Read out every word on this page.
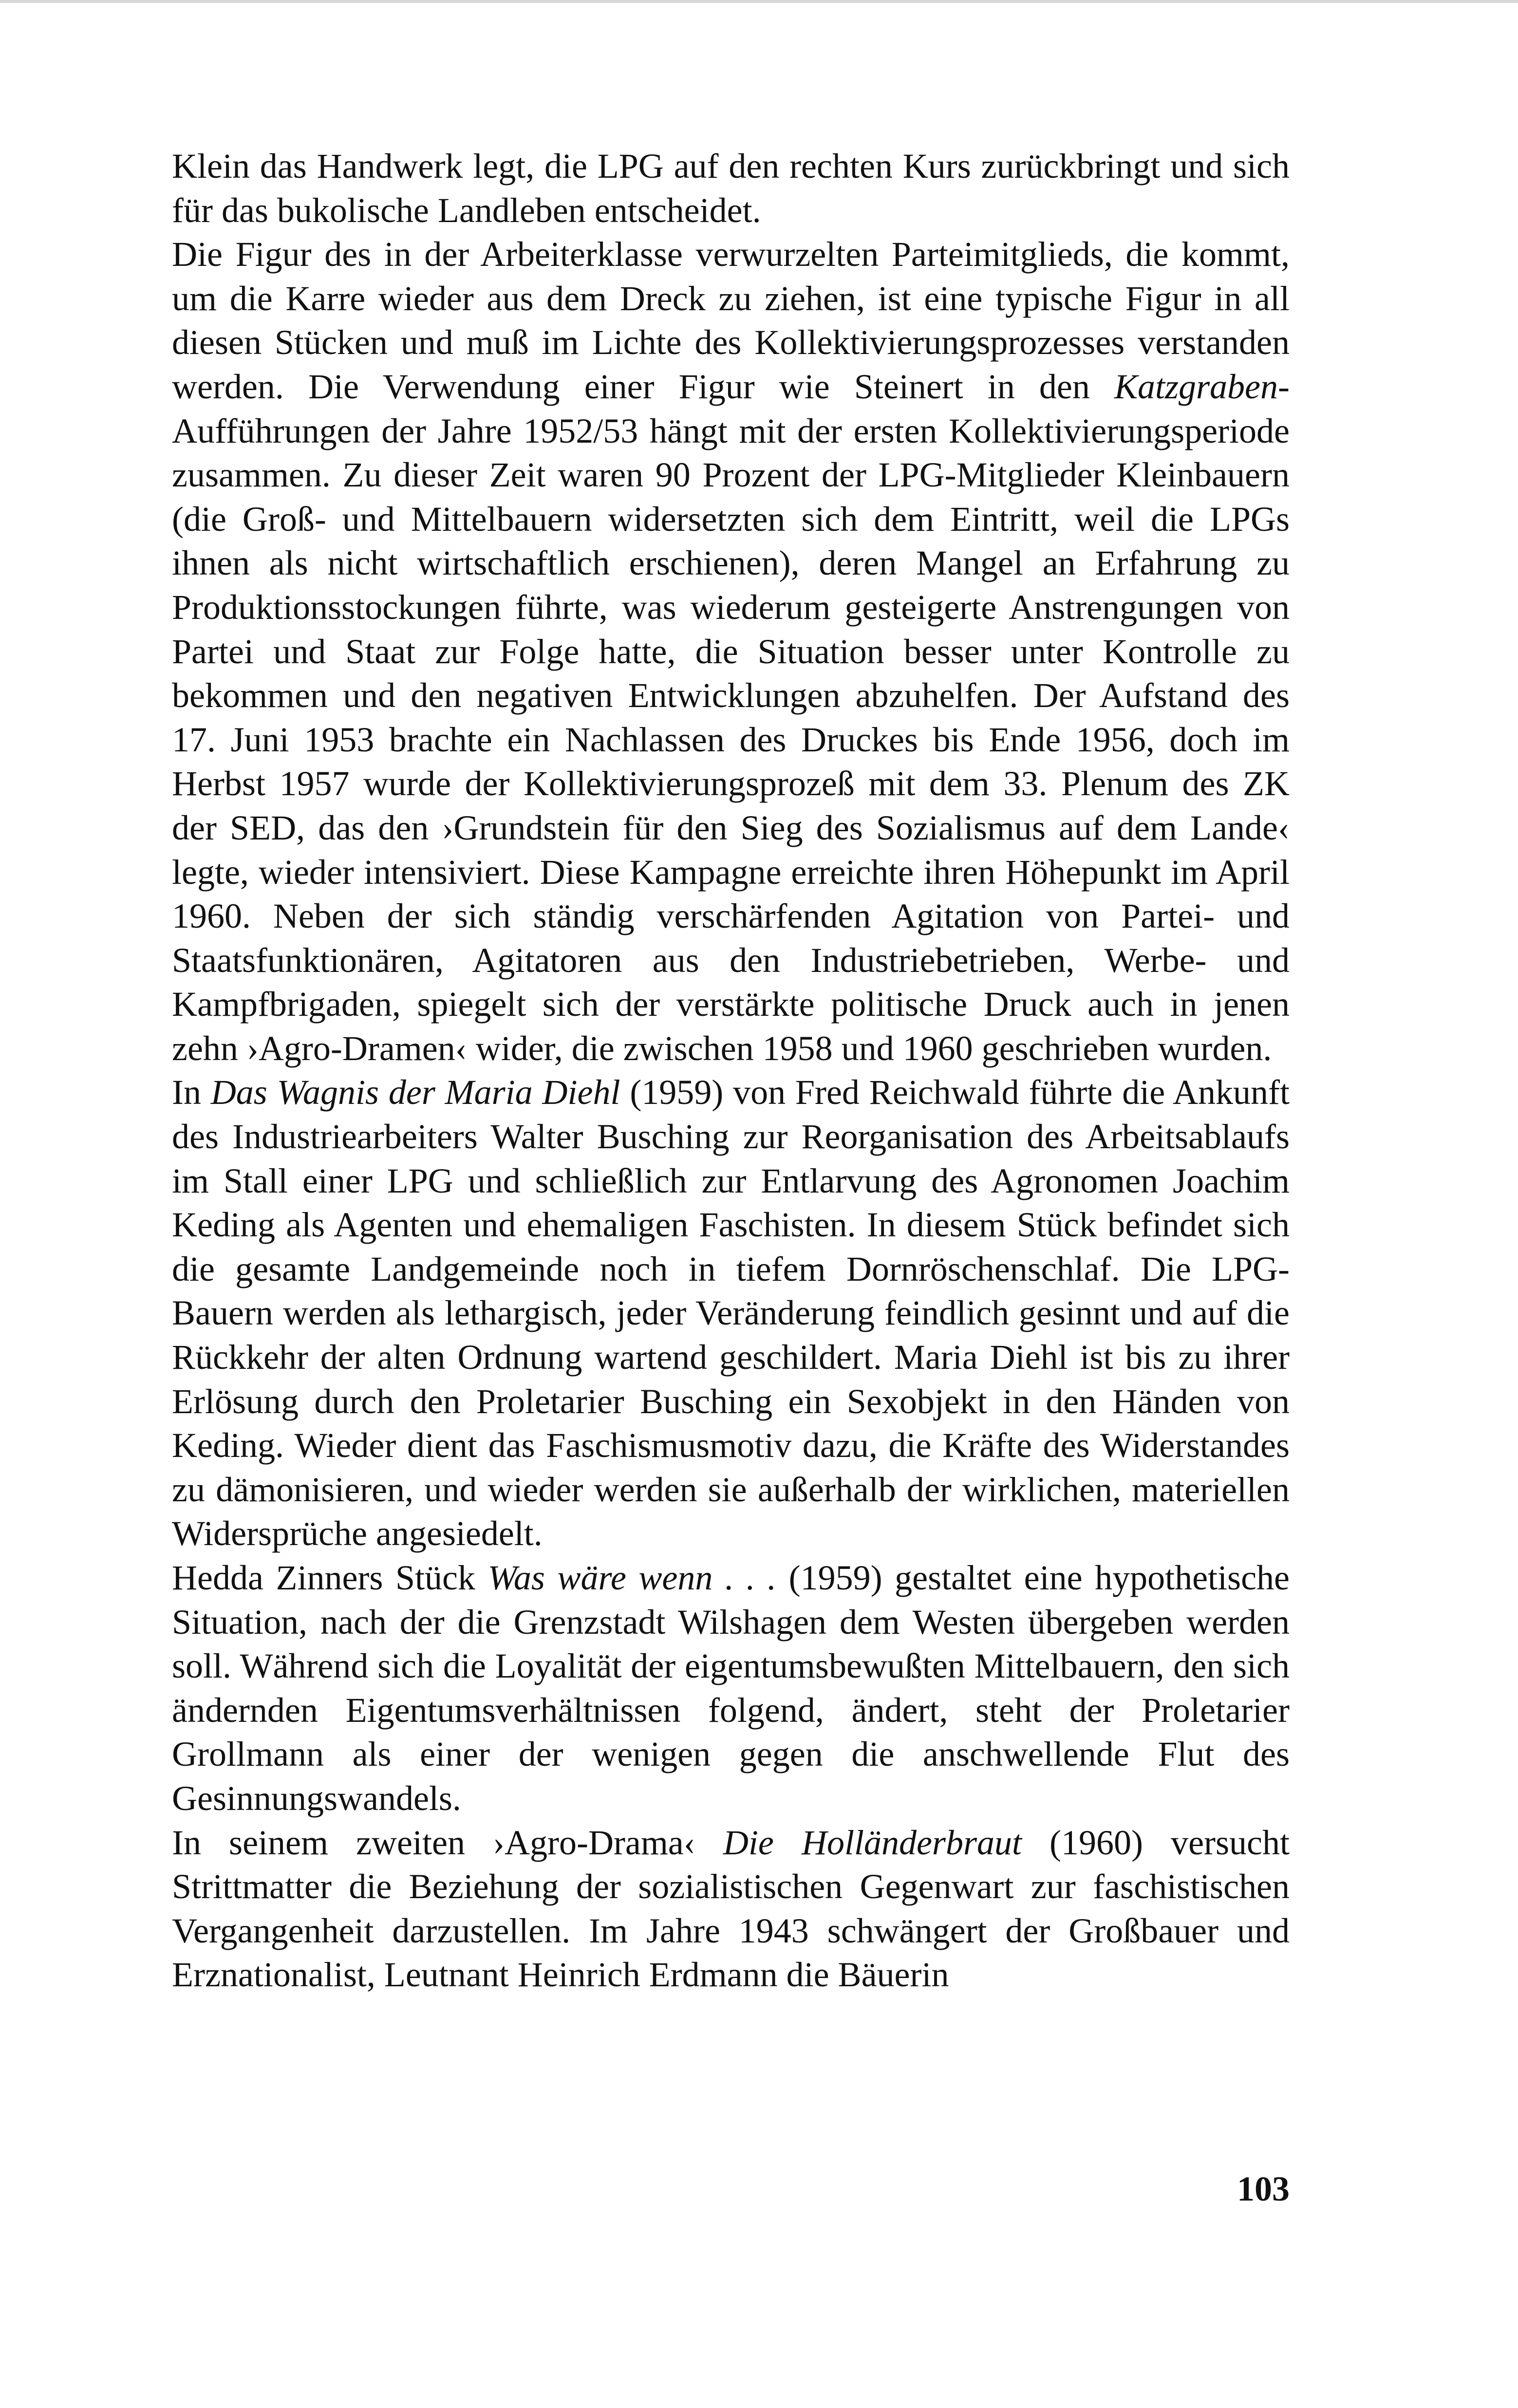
Klein das Handwerk legt, die LPG auf den rechten Kurs zurückbringt und sich für das bukolische Landleben entscheidet.

Die Figur des in der Arbeiterklasse verwurzelten Parteimitglieds, die kommt, um die Karre wieder aus dem Dreck zu ziehen, ist eine typische Figur in all diesen Stücken und muß im Lichte des Kollektivierungsprozesses verstanden werden. Die Verwendung einer Figur wie Steinert in den Katzgraben-Aufführungen der Jahre 1952/53 hängt mit der ersten Kollektivierungsperiode zusammen. Zu dieser Zeit waren 90 Prozent der LPG-Mitglieder Kleinbauern (die Groß- und Mittelbauern widersetzten sich dem Eintritt, weil die LPGs ihnen als nicht wirtschaftlich erschienen), deren Mangel an Erfahrung zu Produktionsstockungen führte, was wiederum gesteigerte Anstrengungen von Partei und Staat zur Folge hatte, die Situation besser unter Kontrolle zu bekommen und den negativen Entwicklungen abzuhelfen. Der Aufstand des 17. Juni 1953 brachte ein Nachlassen des Druckes bis Ende 1956, doch im Herbst 1957 wurde der Kollektivierungsprozeß mit dem 33. Plenum des ZK der SED, das den ›Grundstein für den Sieg des Sozialismus auf dem Lande‹ legte, wieder intensiviert. Diese Kampagne erreichte ihren Höhepunkt im April 1960. Neben der sich ständig verschärfenden Agitation von Partei- und Staatsfunktionären, Agitatoren aus den Industriebetrieben, Werbe- und Kampfbrigaden, spiegelt sich der verstärkte politische Druck auch in jenen zehn ›Agro-Dramen‹ wider, die zwischen 1958 und 1960 geschrieben wurden.

In Das Wagnis der Maria Diehl (1959) von Fred Reichwald führte die Ankunft des Industriearbeiters Walter Busching zur Reorganisation des Arbeitsablaufs im Stall einer LPG und schließlich zur Entlarvung des Agronomen Joachim Keding als Agenten und ehemaligen Faschisten. In diesem Stück befindet sich die gesamte Landgemeinde noch in tiefem Dornröschenschlaf. Die LPG-Bauern werden als lethargisch, jeder Veränderung feindlich gesinnt und auf die Rückkehr der alten Ordnung wartend geschildert. Maria Diehl ist bis zu ihrer Erlösung durch den Proletarier Busching ein Sexobjekt in den Händen von Keding. Wieder dient das Faschismusmotiv dazu, die Kräfte des Widerstandes zu dämonisieren, und wieder werden sie außerhalb der wirklichen, materiellen Widersprüche angesiedelt.

Hedda Zinners Stück Was wäre wenn . . . (1959) gestaltet eine hypothetische Situation, nach der die Grenzstadt Wilshagen dem Westen übergeben werden soll. Während sich die Loyalität der eigentumsbewußten Mittelbauern, den sich ändernden Eigentumsverhältnissen folgend, ändert, steht der Proletarier Grollmann als einer der wenigen gegen die anschwellende Flut des Gesinnungswandels.

In seinem zweiten ›Agro-Drama‹ Die Holländerbraut (1960) versucht Strittmatter die Beziehung der sozialistischen Gegenwart zur faschistischen Vergangenheit darzustellen. Im Jahre 1943 schwängert der Großbauer und Erznationalist, Leutnant Heinrich Erdmann die Bäuerin

103
